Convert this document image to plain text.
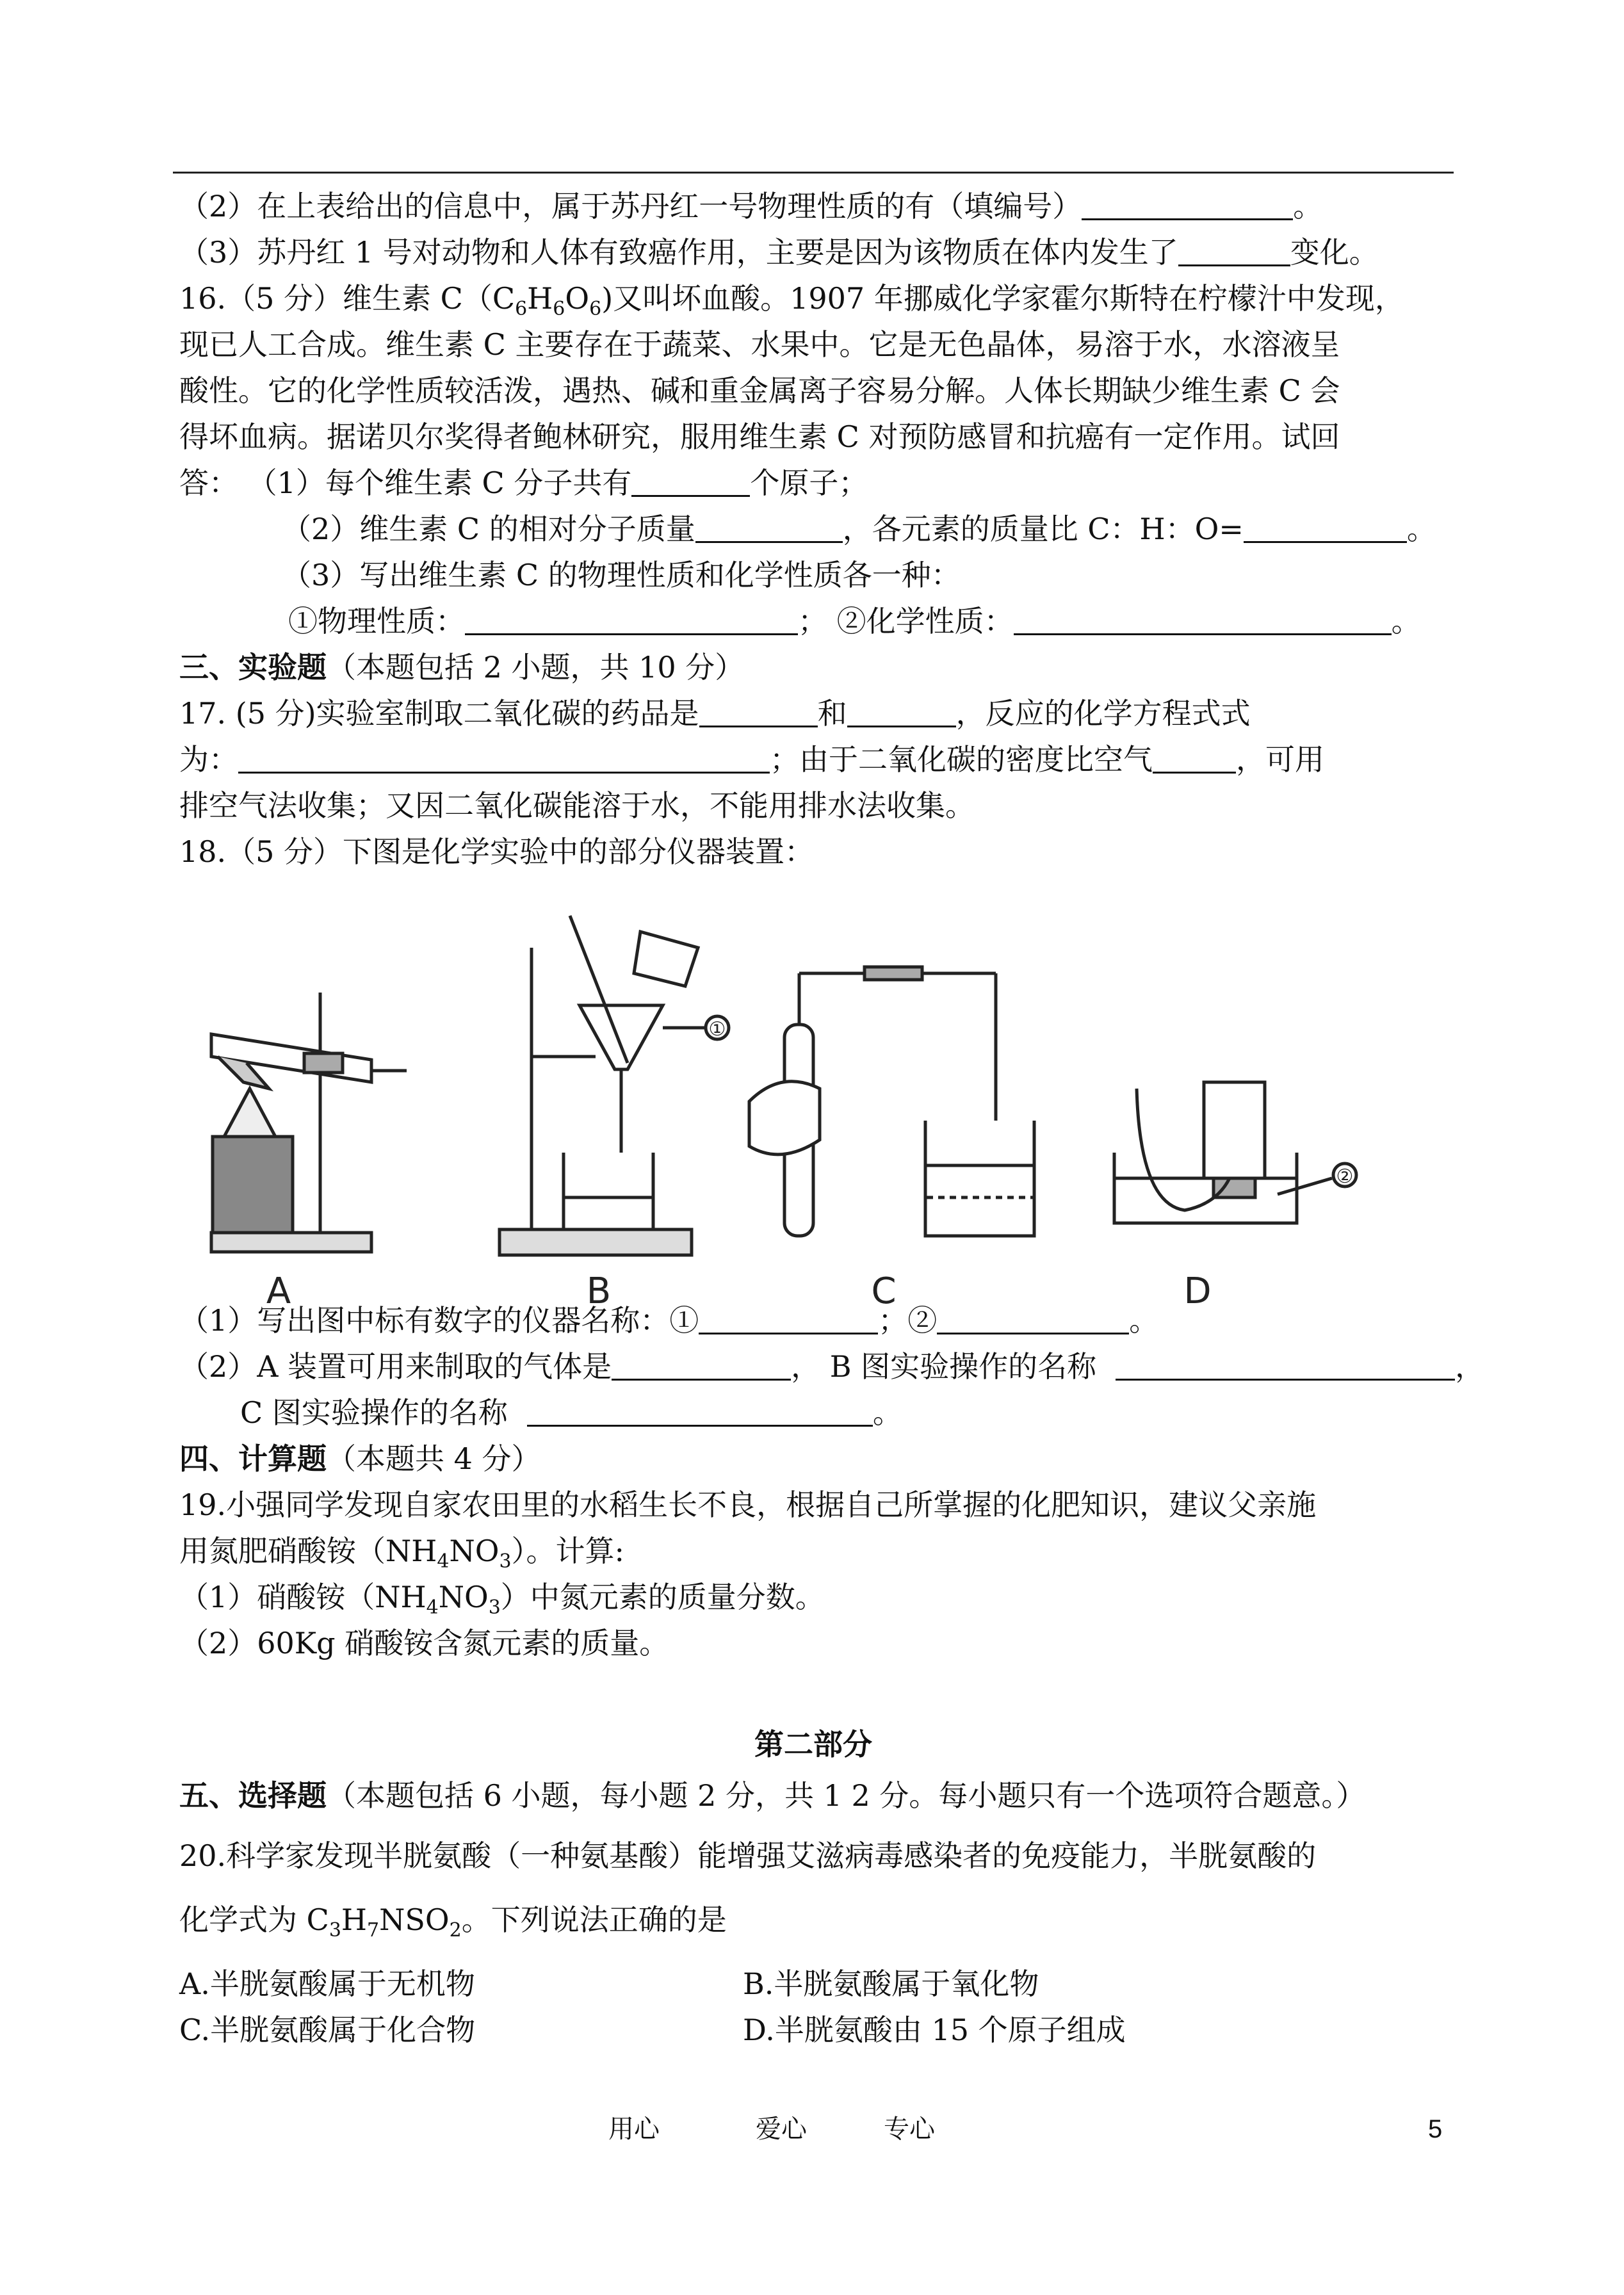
（2）在上表给出的信息中，属于苏丹红一号物理性质的有（填编号）	。
（3）苏丹红 1 号对动物和人体有致癌作用，主要是因为该物质在体内发生了	变化。
16.（5 分）维生素 $C(C_6H_6O_6)$又叫坏血酸。1907 年挪威化学家霍尔斯特在柠檬汁中发现，
现已人工合成。维生素 C 主要存在于蔬菜、水果中。它是无色晶体，易溶于水，水溶液呈
酸性。它的化学性质较活泼，遇热、碱和重金属离子容易分解。人体长期缺少维生素 C 会
得坏血病。据诺贝尔奖得者鲍林研究，服用维生素 C 对预防感冒和抗癌有一定作用。试回
答： （1）每个维生素 C 分子共有	个原子；
（2）维生素 C 的相对分子质量	，各元素的质量比 C：H：O=	。
（3）写出维生素 C 的物理性质和化学性质各一种：
①物理性质：	； ②化学性质：	。
三、实验题（本题包括 2 小题，共 10 分）
17. (5 分)实验室制取二氧化碳的药品是	和	，反应的化学方程式式
为：	；由于二氧化碳的密度比空气	，可用
排空气法收集；又因二氧化碳能溶于水，不能用排水法收集。
18.（5 分）下图是化学实验中的部分仪器装置：
A	B	C	D
①
②
（1）写出图中标有数字的仪器名称：①	；②	。
（2）A 装置可用来制取的气体是	， B 图实验操作的名称	，
C 图实验操作的名称	。
四、计算题（本题共 4 分）
19.小强同学发现自家农田里的水稻生长不良，根据自己所掌握的化肥知识，建议父亲施
用氮肥硝酸铵$(NH_4NO_3)$。计算:
（1）硝酸铵$(NH_4NO_3)$中氮元素的质量分数。
（2）60Kg 硝酸铵含氮元素的质量。
第二部分
五、选择题（本题包括 6 小题，每小题 2 分，共 1 2 分。每小题只有一个选项符合题意。）
20.科学家发现半胱氨酸（一种氨基酸）能增强艾滋病毒感染者的免疫能力，半胱氨酸的
化学式为 $C_3H_7NSO_2$。下列说法正确的是
A.半胱氨酸属于无机物	B.半胱氨酸属于氧化物
C.半胱氨酸属于化合物	D.半胱氨酸由 15 个原子组成
用心	爱心	专心	5
